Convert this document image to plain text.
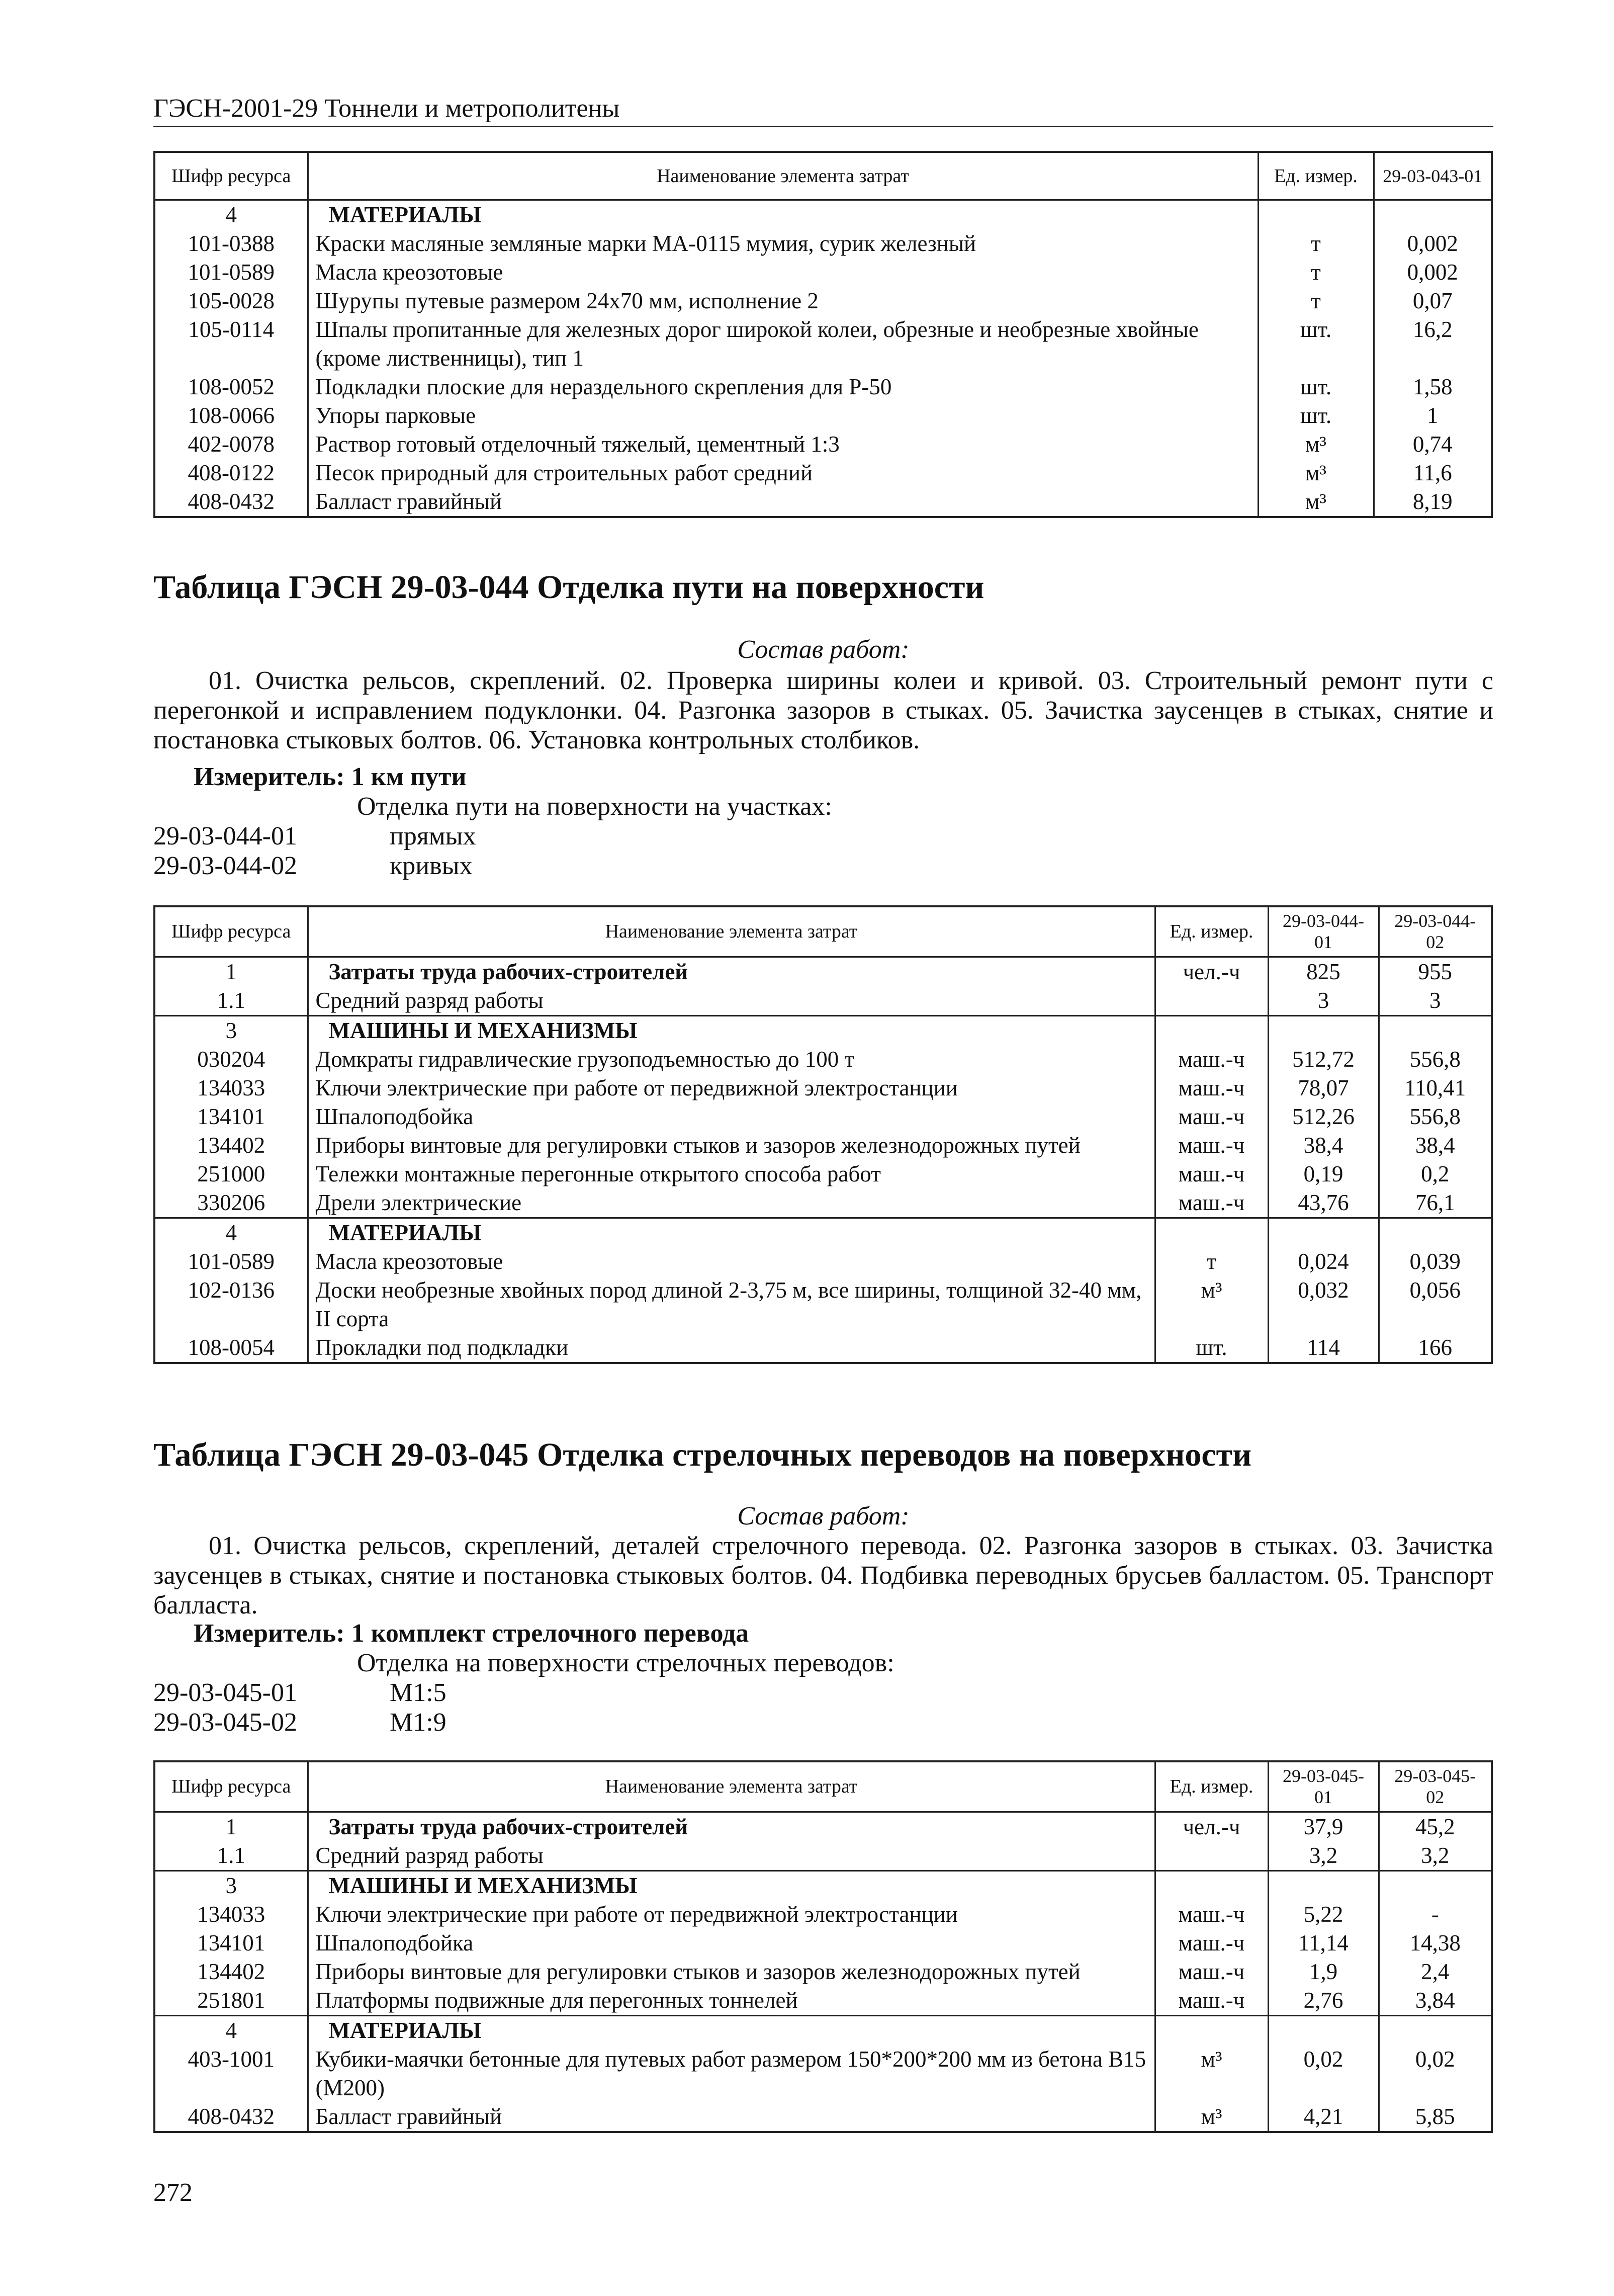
ГЭСН-2001-29 Тоннели и метрополитены
Шифр ресурса	Наименование элемента затрат	Ед. измер.	29-03-043-01
4	МАТЕРИАЛЫ		
101-0388	Краски масляные земляные марки МА-0115 мумия, сурик железный	т	0,002
101-0589	Масла креозотовые	т	0,002
105-0028	Шурупы путевые размером 24х70 мм, исполнение 2	т	0,07
105-0114	Шпалы пропитанные для железных дорог широкой колеи, обрезные и необрезные хвойные (кроме лиственницы), тип 1	шт.	16,2
108-0052	Подкладки плоские для нераздельного скрепления для Р-50	шт.	1,58
108-0066	Упоры парковые	шт.	1
402-0078	Раствор готовый отделочный тяжелый, цементный 1:3	м³	0,74
408-0122	Песок природный для строительных работ средний	м³	11,6
408-0432	Балласт гравийный	м³	8,19
Таблица ГЭСН 29-03-044 Отделка пути на поверхности
Состав работ:
01. Очистка рельсов, скреплений. 02. Проверка ширины колеи и кривой. 03. Строительный ремонт пути с перегонкой и исправлением подуклонки. 04. Разгонка зазоров в стыках. 05. Зачистка заусенцев в стыках, снятие и постановка стыковых болтов. 06. Установка контрольных столбиков.
Измеритель: 1 км пути
Отделка пути на поверхности на участках:
29-03-044-01	прямых
29-03-044-02	кривых
Шифр ресурса	Наименование элемента затрат	Ед. измер.	29-03-044-01	29-03-044-02
1	Затраты труда рабочих-строителей	чел.-ч	825	955
1.1	Средний разряд работы		3	3
3	МАШИНЫ И МЕХАНИЗМЫ			
030204	Домкраты гидравлические грузоподъемностью до 100 т	маш.-ч	512,72	556,8
134033	Ключи электрические при работе от передвижной электростанции	маш.-ч	78,07	110,41
134101	Шпалоподбойка	маш.-ч	512,26	556,8
134402	Приборы винтовые для регулировки стыков и зазоров железнодорожных путей	маш.-ч	38,4	38,4
251000	Тележки монтажные перегонные открытого способа работ	маш.-ч	0,19	0,2
330206	Дрели электрические	маш.-ч	43,76	76,1
4	МАТЕРИАЛЫ			
101-0589	Масла креозотовые	т	0,024	0,039
102-0136	Доски необрезные хвойных пород длиной 2-3,75 м, все ширины, толщиной 32-40 мм, II сорта	м³	0,032	0,056
108-0054	Прокладки под подкладки	шт.	114	166
Таблица ГЭСН 29-03-045 Отделка стрелочных переводов на поверхности
Состав работ:
01. Очистка рельсов, скреплений, деталей стрелочного перевода. 02. Разгонка зазоров в стыках. 03. Зачистка заусенцев в стыках, снятие и постановка стыковых болтов. 04. Подбивка переводных брусьев балластом. 05. Транспорт балласта.
Измеритель: 1 комплект стрелочного перевода
Отделка на поверхности стрелочных переводов:
29-03-045-01	М1:5
29-03-045-02	М1:9
Шифр ресурса	Наименование элемента затрат	Ед. измер.	29-03-045-01	29-03-045-02
1	Затраты труда рабочих-строителей	чел.-ч	37,9	45,2
1.1	Средний разряд работы		3,2	3,2
3	МАШИНЫ И МЕХАНИЗМЫ			
134033	Ключи электрические при работе от передвижной электростанции	маш.-ч	5,22	-
134101	Шпалоподбойка	маш.-ч	11,14	14,38
134402	Приборы винтовые для регулировки стыков и зазоров железнодорожных путей	маш.-ч	1,9	2,4
251801	Платформы подвижные для перегонных тоннелей	маш.-ч	2,76	3,84
4	МАТЕРИАЛЫ			
403-1001	Кубики-маячки бетонные для путевых работ размером 150*200*200 мм из бетона В15 (М200)	м³	0,02	0,02
408-0432	Балласт гравийный	м³	4,21	5,85
272
